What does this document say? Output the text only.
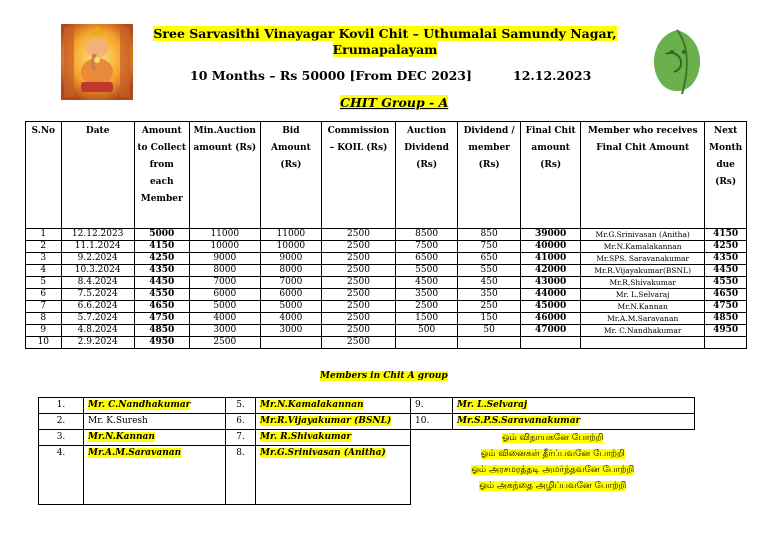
Sree Sarvasithi Vinayagar Kovil Chit – Uthumalai Samundy Nagar,
Erumapalayam
10 Months – Rs 50000 [From DEC 2023]	12.12.2023
CHIT Group - A
S.No	Date	Amount to Collect from each Member	Min.Auction amount (Rs)	Bid Amount (Rs)	Commission – KOIL (Rs)	Auction Dividend (Rs)	Dividend / member (Rs)	Final Chit amount (Rs)	Member who receives Final Chit Amount	Next Month due (Rs)
1	12.12.2023	5000	11000	11000	2500	8500	850	39000	Mr.G.Srinivasan (Anitha)	4150
2	11.1.2024	4150	10000	10000	2500	7500	750	40000	Mr.N.Kamalakannan	4250
3	9.2.2024	4250	9000	9000	2500	6500	650	41000	Mr.SPS. Saravanakumar	4350
4	10.3.2024	4350	8000	8000	2500	5500	550	42000	Mr.R.Vijayakumar(BSNL)	4450
5	8.4.2024	4450	7000	7000	2500	4500	450	43000	Mr.R.Shivakumar	4550
6	7.5.2024	4550	6000	6000	2500	3500	350	44000	Mr. L.Selvaraj	4650
7	6.6.2024	4650	5000	5000	2500	2500	250	45000	Mr.N.Kannan	4750
8	5.7.2024	4750	4000	4000	2500	1500	150	46000	Mr.A.M.Saravanan	4850
9	4.8.2024	4850	3000	3000	2500	500	50	47000	Mr. C.Nandhakumar	4950
10	2.9.2024	4950	2500		2500					
Members in Chit A group
1.	Mr. C.Nandhakumar	5.	Mr.N.Kamalakannan	9.	Mr. L.Selvaraj
2.	Mr. K.Suresh	6.	Mr.R.Vijayakumar (BSNL)	10.	Mr.S.P.S.Saravanakumar
3.	Mr.N.Kannan	7.	Mr. R.Shivakumar	ஓம் விநாயகனே போற்றி
ஓம் வினைகள் தீர்ப்பவனே போற்றி
ஓம் அரசமரத்தடி அமர்ந்தவனே போற்றி
ஓம் அகந்தை அழிப்பவனே போற்றி	

4.	Mr.A.M.Saravanan	8.	Mr.G.Srinivasan (Anitha)		
